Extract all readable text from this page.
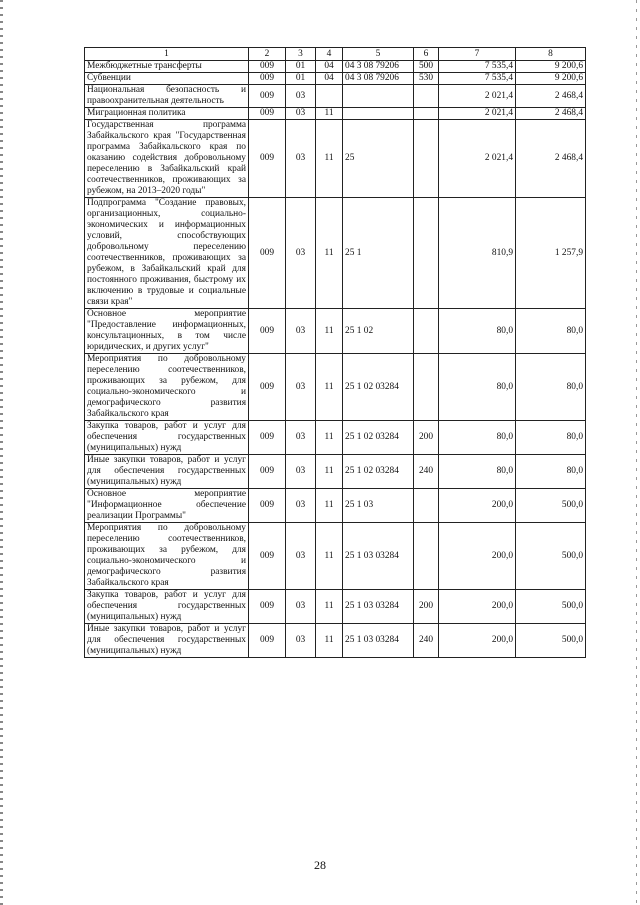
1	2	3	4	5	6	7	8
Межбюджетные трансферты	009	01	04	04 3 08 79206	500	7 535,4	9 200,6
Субвенции	009	01	04	04 3 08 79206	530	7 535,4	9 200,6
Национальная безопасность и правоохранительная деятельность	009	03				2 021,4	2 468,4
Миграционная политика	009	03	11			2 021,4	2 468,4
Государственная программа Забайкальского края "Государственная программа Забайкальского края по оказанию содействия добровольному переселению в Забайкальский край соотечественников, проживающих за рубежом, на 2013–2020 годы"	009	03	11	25		2 021,4	2 468,4
Подпрограмма "Создание правовых, организационных, социально-экономических и информационных условий, способствующих добровольному переселению соотечественников, проживающих за рубежом, в Забайкальский край для постоянного проживания, быстрому их включению в трудовые и социальные связи края"	009	03	11	25 1		810,9	1 257,9
Основное мероприятие "Предоставление информационных, консультационных, в том числе юридических, и других услуг"	009	03	11	25 1 02		80,0	80,0
Мероприятия по добровольному переселению соотечественников, проживающих за рубежом, для социально-экономического и демографического развития Забайкальского края	009	03	11	25 1 02 03284		80,0	80,0
Закупка товаров, работ и услуг для обеспечения государственных (муниципальных) нужд	009	03	11	25 1 02 03284	200	80,0	80,0
Иные закупки товаров, работ и услуг для обеспечения государственных (муниципальных) нужд	009	03	11	25 1 02 03284	240	80,0	80,0
Основное мероприятие "Информационное обеспечение реализации Программы"	009	03	11	25 1 03		200,0	500,0
Мероприятия по добровольному переселению соотечественников, проживающих за рубежом, для социально-экономического и демографического развития Забайкальского края	009	03	11	25 1 03 03284		200,0	500,0
Закупка товаров, работ и услуг для обеспечения государственных (муниципальных) нужд	009	03	11	25 1 03 03284	200	200,0	500,0
Иные закупки товаров, работ и услуг для обеспечения государственных (муниципальных) нужд	009	03	11	25 1 03 03284	240	200,0	500,0
28
